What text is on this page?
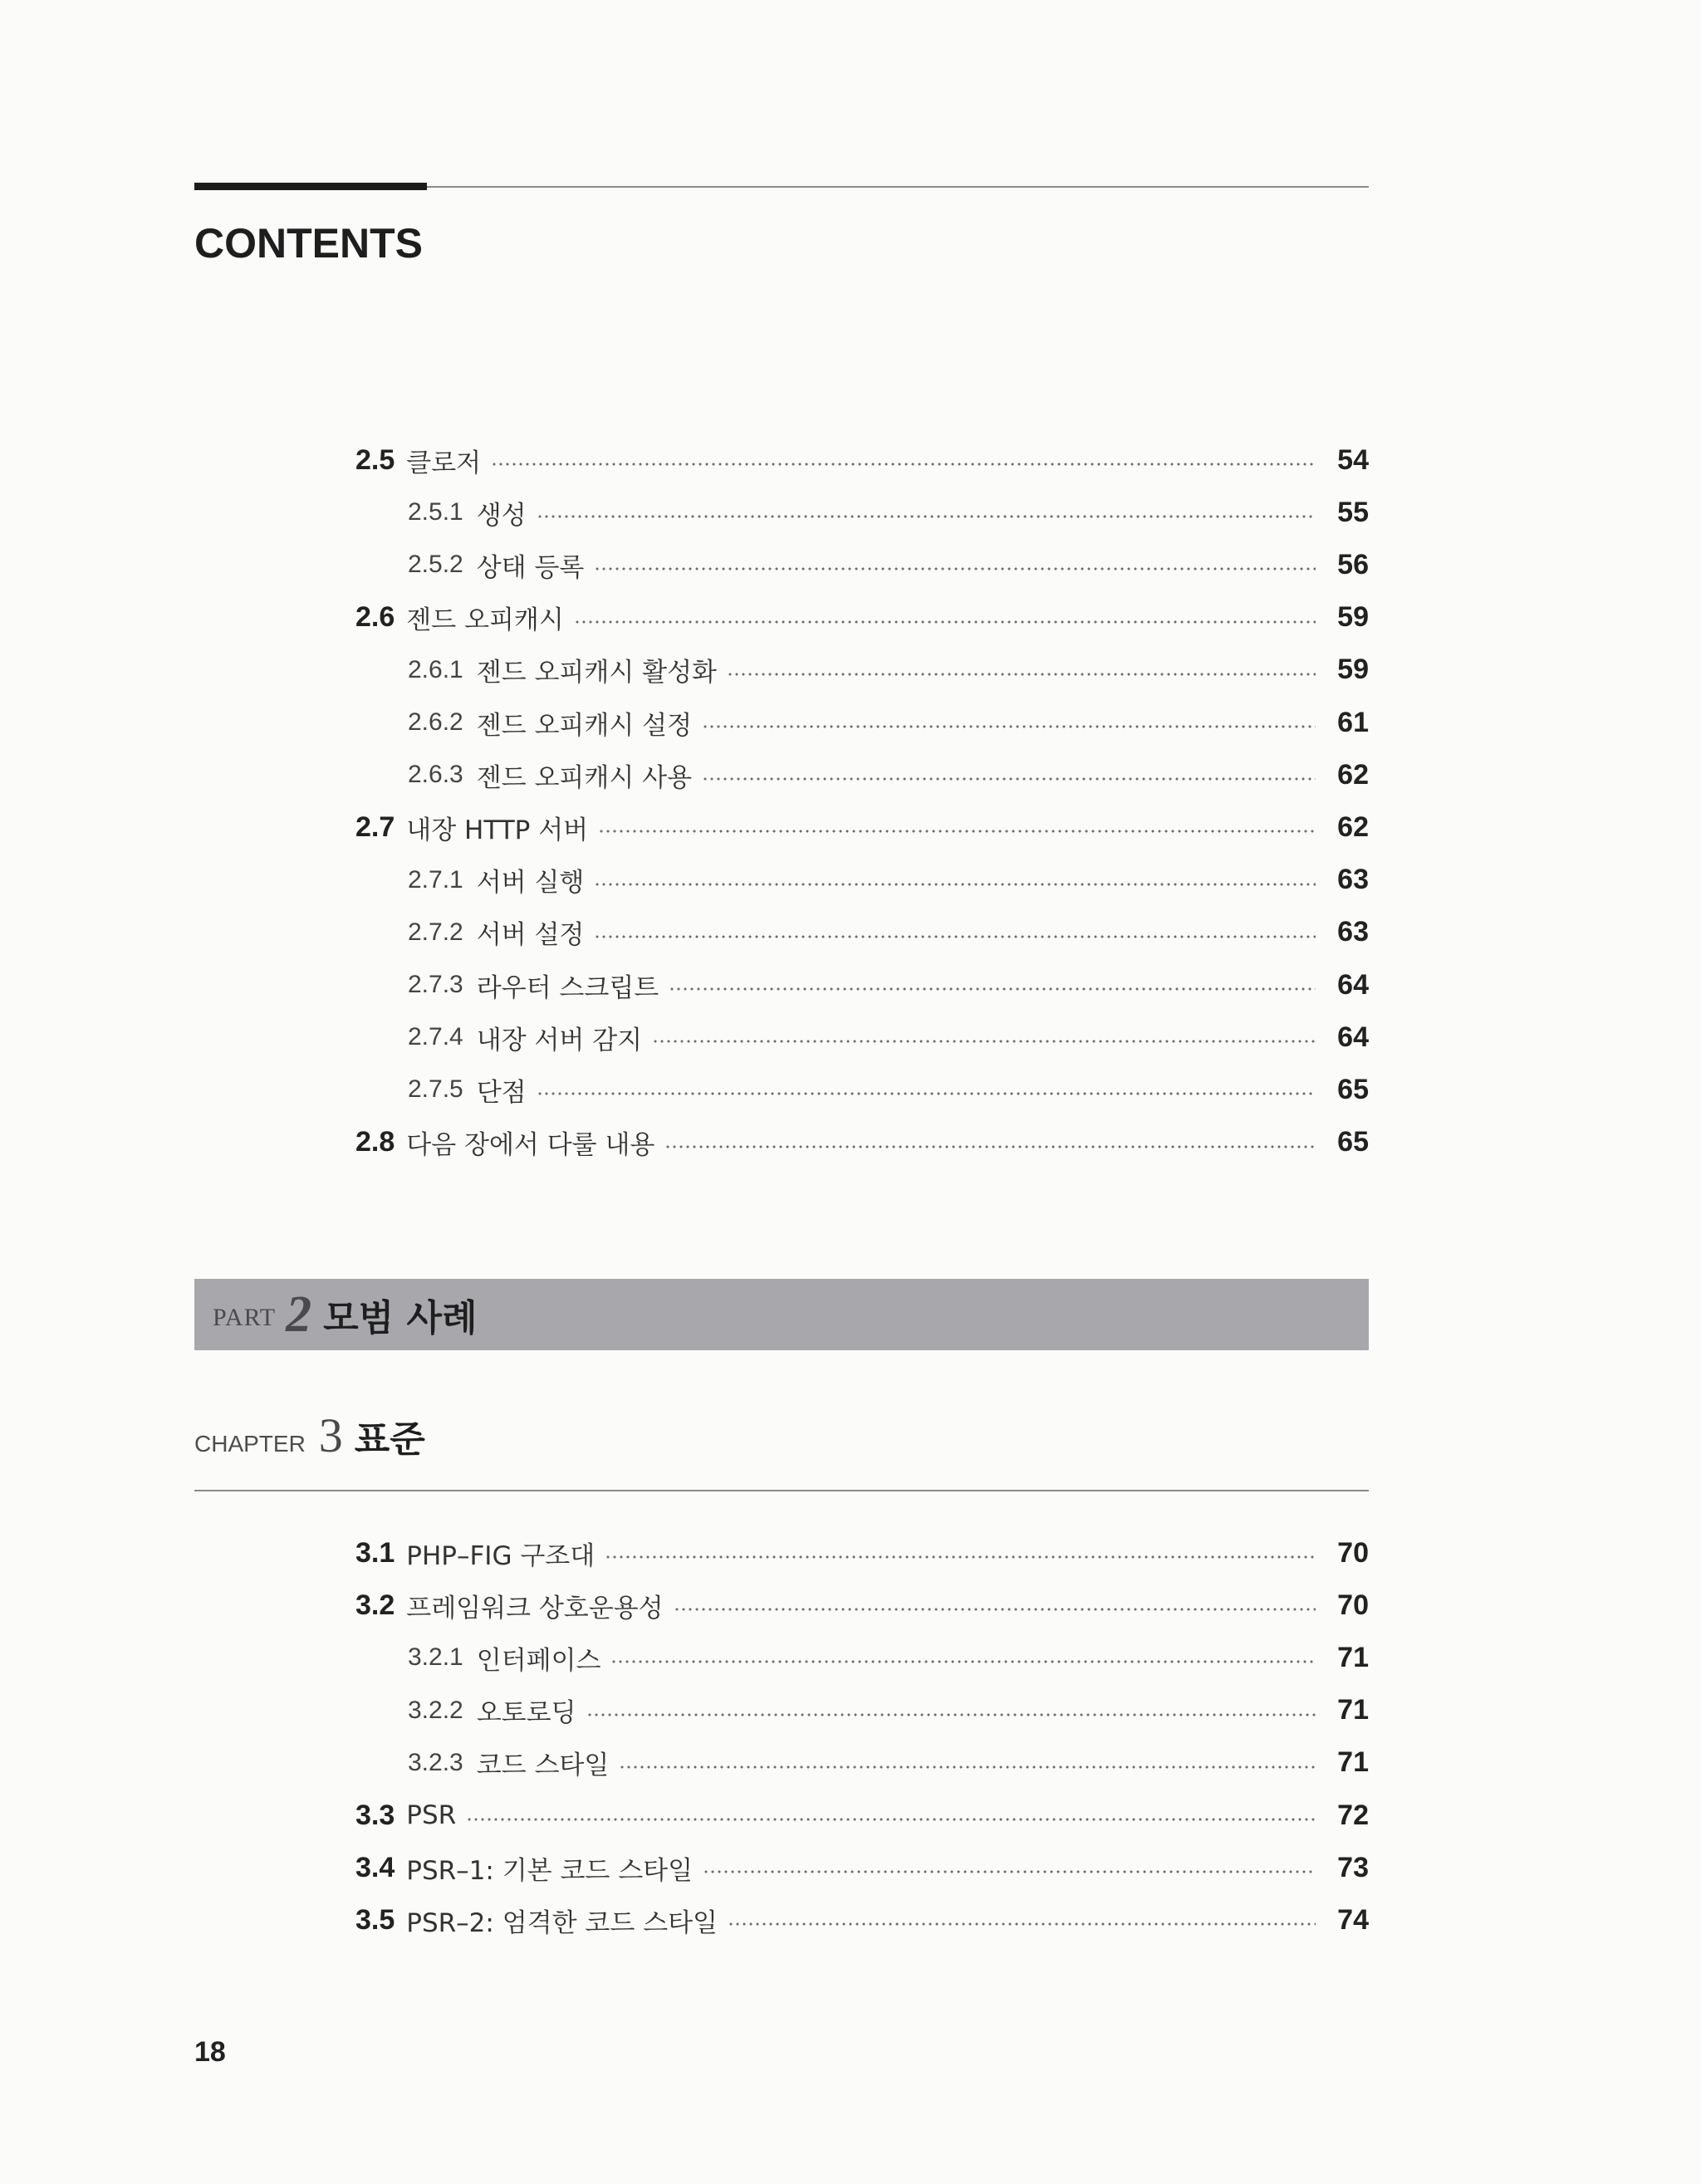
CONTENTS
2.5 클로저	54
2.5.1 생성	55
2.5.2 상태 등록	56
2.6 젠드 오피캐시	59
2.6.1 젠드 오피캐시 활성화	59
2.6.2 젠드 오피캐시 설정	61
2.6.3 젠드 오피캐시 사용	62
2.7 내장 HTTP 서버	62
2.7.1 서버 실행	63
2.7.2 서버 설정	63
2.7.3 라우터 스크립트	64
2.7.4 내장 서버 감지	64
2.7.5 단점	65
2.8 다음 장에서 다룰 내용	65
PART 2 모범 사례
CHAPTER 3 표준
3.1 PHP–FIG 구조대	70
3.2 프레임워크 상호운용성	70
3.2.1 인터페이스	71
3.2.2 오토로딩	71
3.2.3 코드 스타일	71
3.3 PSR	72
3.4 PSR–1: 기본 코드 스타일	73
3.5 PSR–2: 엄격한 코드 스타일	74
18
